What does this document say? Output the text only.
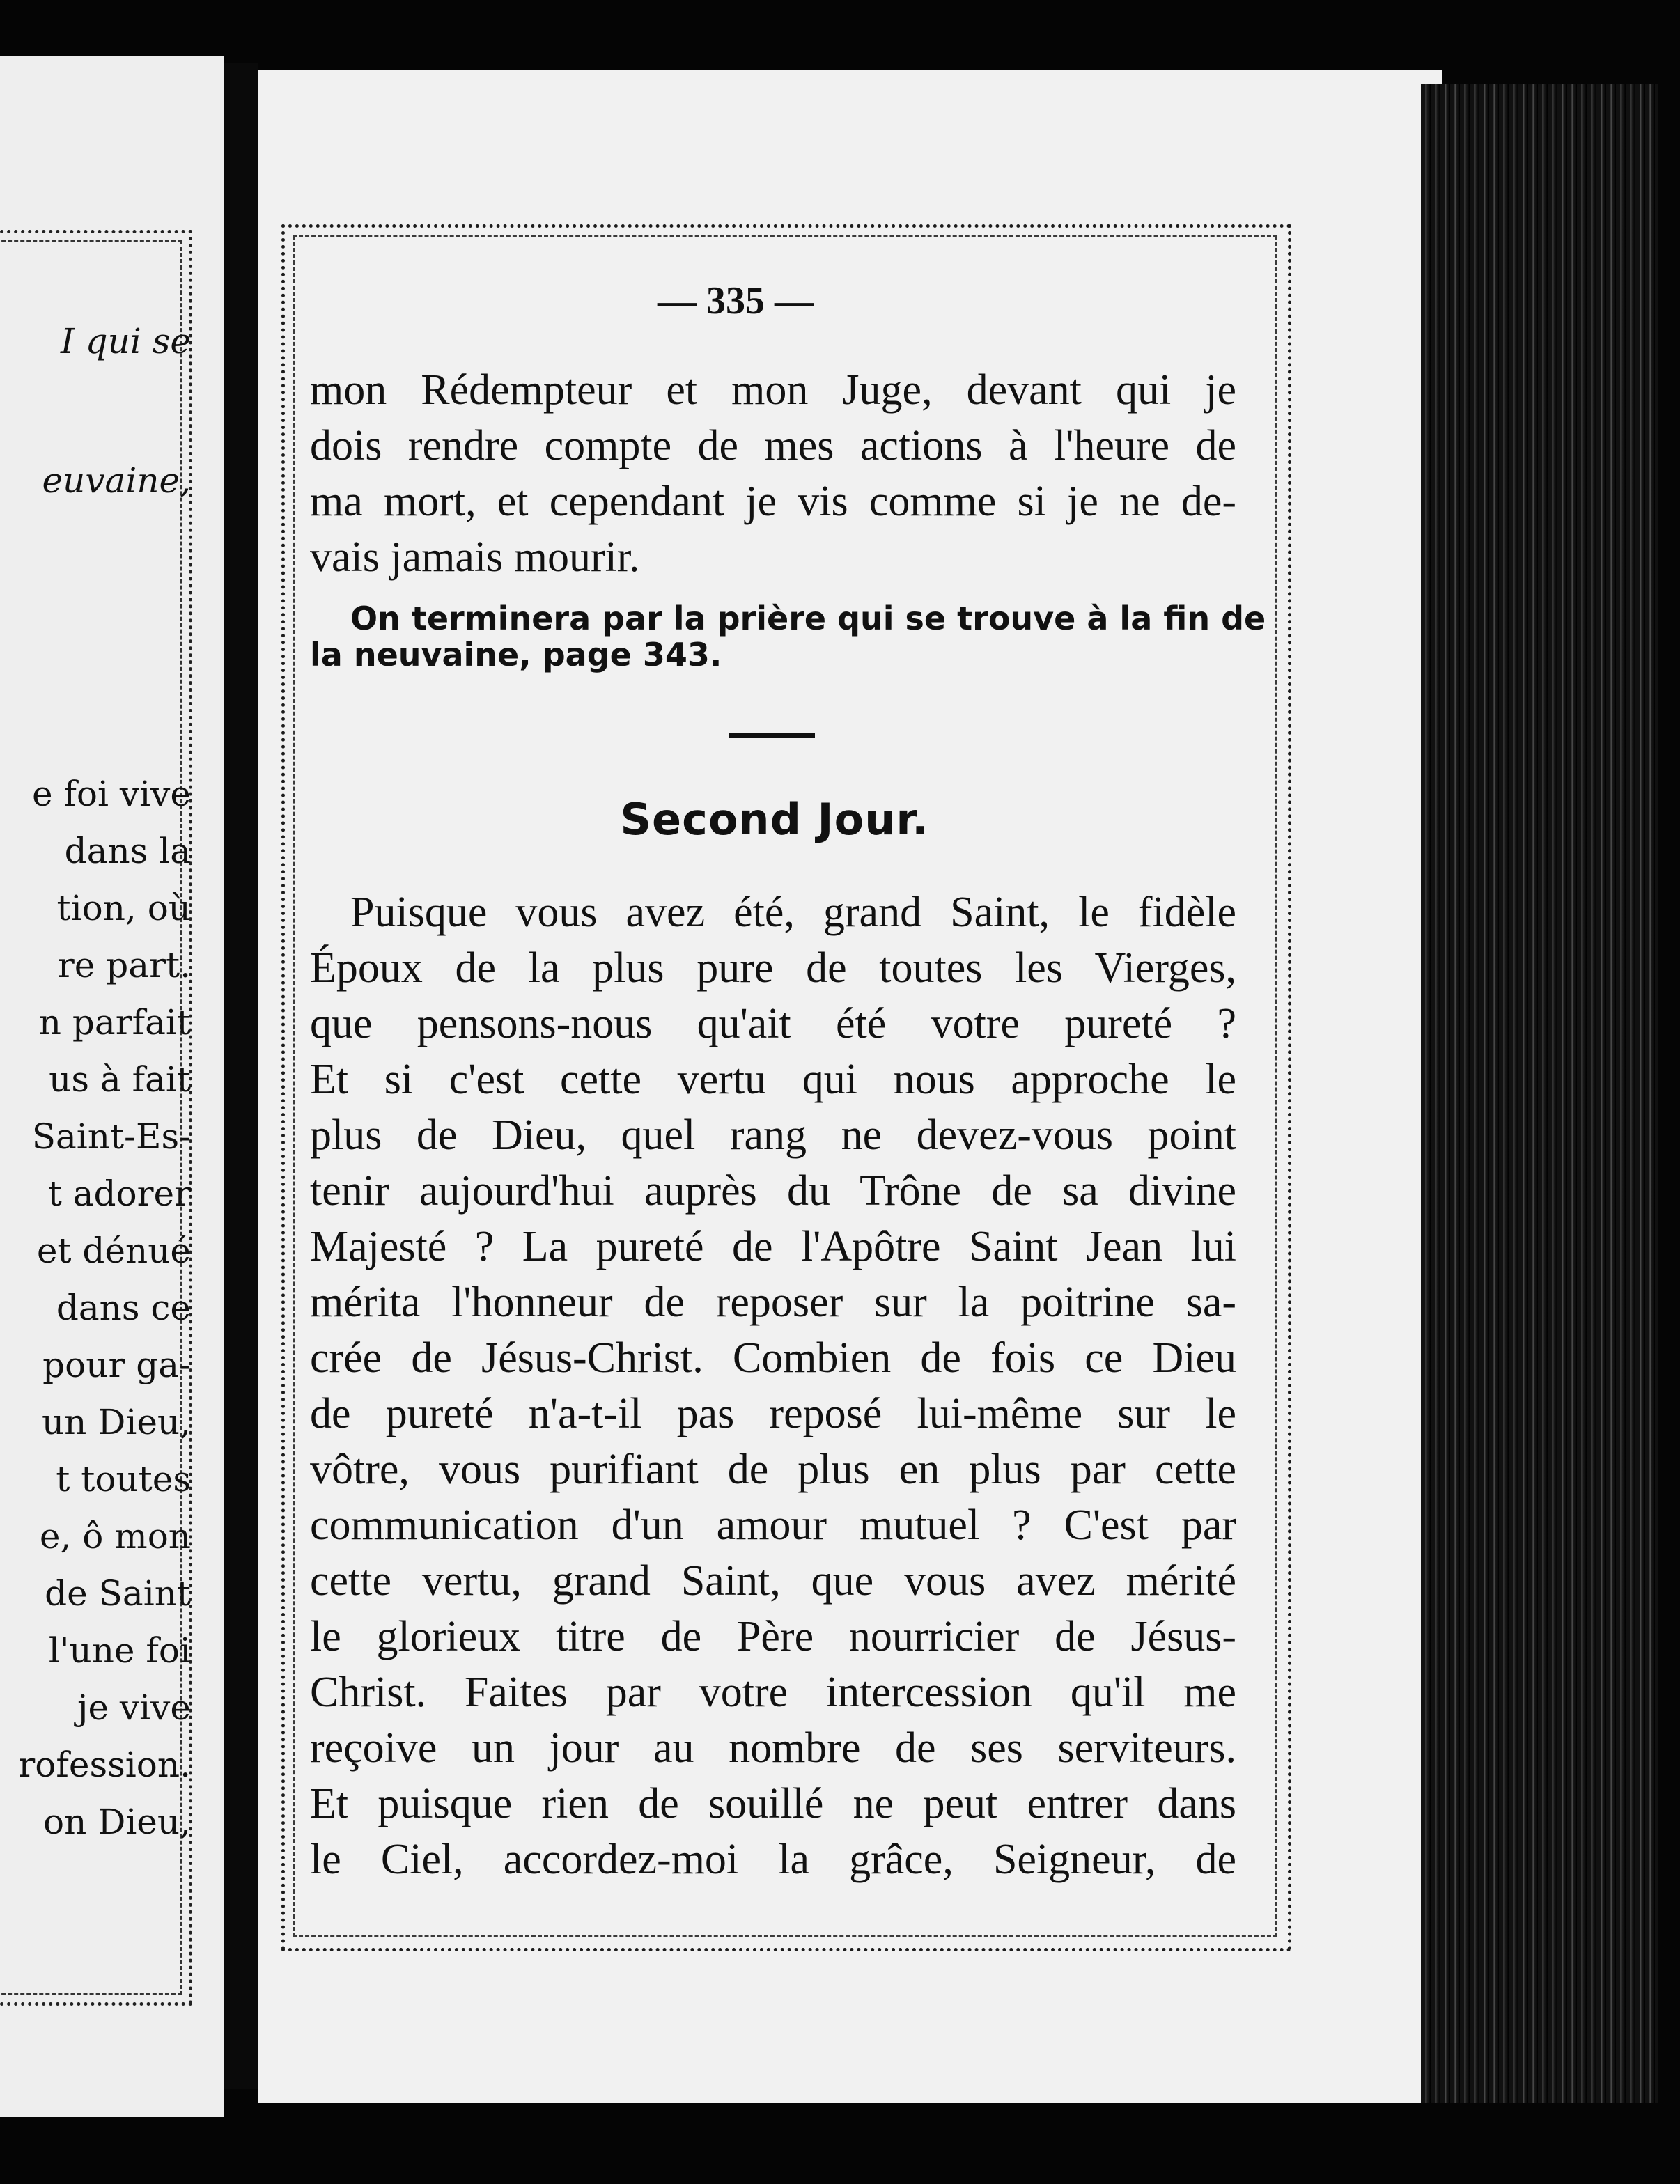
I qui se
euvaine,
e foi vive
dans la
tion, où
re part.
n parfait
us à fait
Saint-Es-
t adorer
et dénué
dans ce
pour ga-
un Dieu,
t toutes
e, ô mon
de Saint
l'une foi
je vive
rofession.
on Dieu,
— 335 —
mon Rédempteur et mon Juge, devant qui je
dois rendre compte de mes actions à l'heure de
ma mort, et cependant je vis comme si je ne de-
vais jamais mourir.
On terminera par la prière qui se trouve à la fin de
la neuvaine, page 343.
Second Jour.
Puisque vous avez été, grand Saint, le fidèle
Époux de la plus pure de toutes les Vierges,
que pensons-nous qu'ait été votre pureté ?
Et si c'est cette vertu qui nous approche le
plus de Dieu, quel rang ne devez-vous point
tenir aujourd'hui auprès du Trône de sa divine
Majesté ? La pureté de l'Apôtre Saint Jean lui
mérita l'honneur de reposer sur la poitrine sa-
crée de Jésus-Christ. Combien de fois ce Dieu
de pureté n'a-t-il pas reposé lui-même sur le
vôtre, vous purifiant de plus en plus par cette
communication d'un amour mutuel ? C'est par
cette vertu, grand Saint, que vous avez mérité
le glorieux titre de Père nourricier de Jésus-
Christ. Faites par votre intercession qu'il me
reçoive un jour au nombre de ses serviteurs.
Et puisque rien de souillé ne peut entrer dans
le Ciel, accordez-moi la grâce, Seigneur, de
